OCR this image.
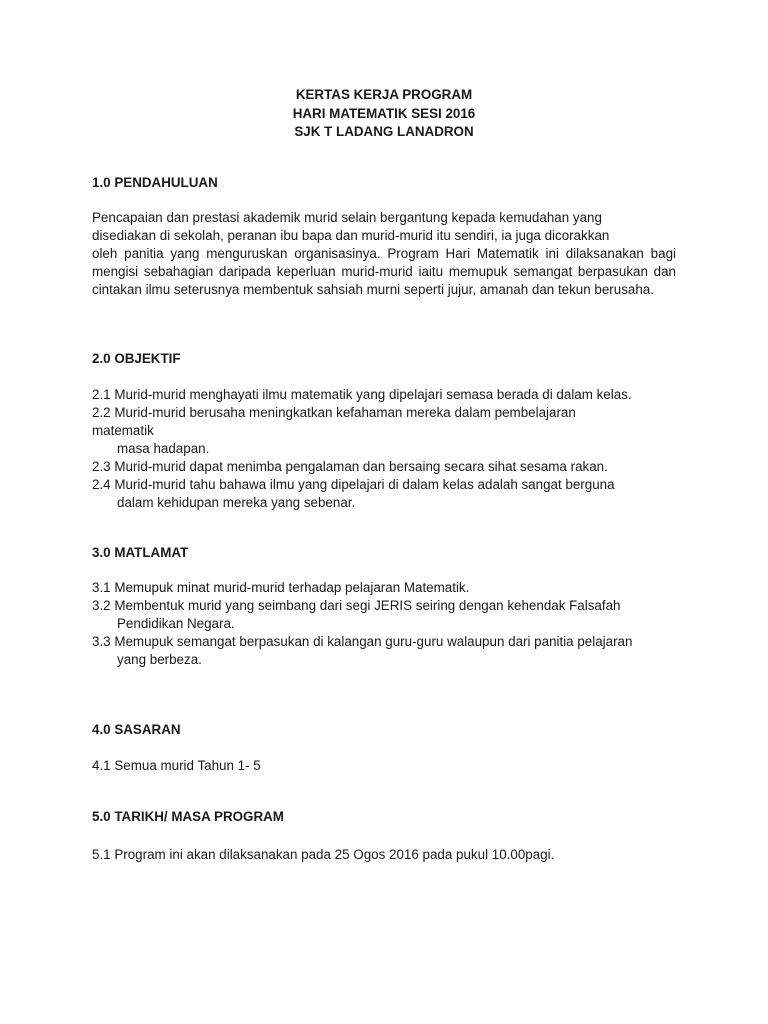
KERTAS KERJA PROGRAM
HARI MATEMATIK SESI 2016
SJK T LADANG LANADRON
1.0 PENDAHULUAN
Pencapaian dan prestasi akademik murid selain bergantung kepada kemudahan yang
disediakan di sekolah, peranan ibu bapa dan murid-murid itu sendiri, ia juga dicorakkan
oleh panitia yang menguruskan organisasinya. Program Hari Matematik ini dilaksanakan bagi mengisi sebahagian daripada keperluan murid-murid iaitu memupuk semangat berpasukan dan cintakan ilmu seterusnya membentuk sahsiah murni seperti jujur, amanah dan tekun berusaha.
2.0 OBJEKTIF
2.1 Murid-murid menghayati ilmu matematik yang dipelajari semasa berada di dalam kelas.
2.2 Murid-murid berusaha meningkatkan kefahaman mereka dalam pembelajaran
matematik
masa hadapan.
2.3 Murid-murid dapat menimba pengalaman dan bersaing secara sihat sesama rakan.
2.4 Murid-murid tahu bahawa ilmu yang dipelajari di dalam kelas adalah sangat berguna
dalam kehidupan mereka yang sebenar.
3.0 MATLAMAT
3.1 Memupuk minat murid-murid terhadap pelajaran Matematik.
3.2 Membentuk murid yang seimbang dari segi JERIS seiring dengan kehendak Falsafah
Pendidikan Negara.
3.3 Memupuk semangat berpasukan di kalangan guru-guru walaupun dari panitia pelajaran
yang berbeza.
4.0 SASARAN
4.1 Semua murid Tahun 1- 5
5.0 TARIKH/ MASA PROGRAM
5.1 Program ini akan dilaksanakan pada 25 Ogos 2016 pada pukul 10.00pagi.
